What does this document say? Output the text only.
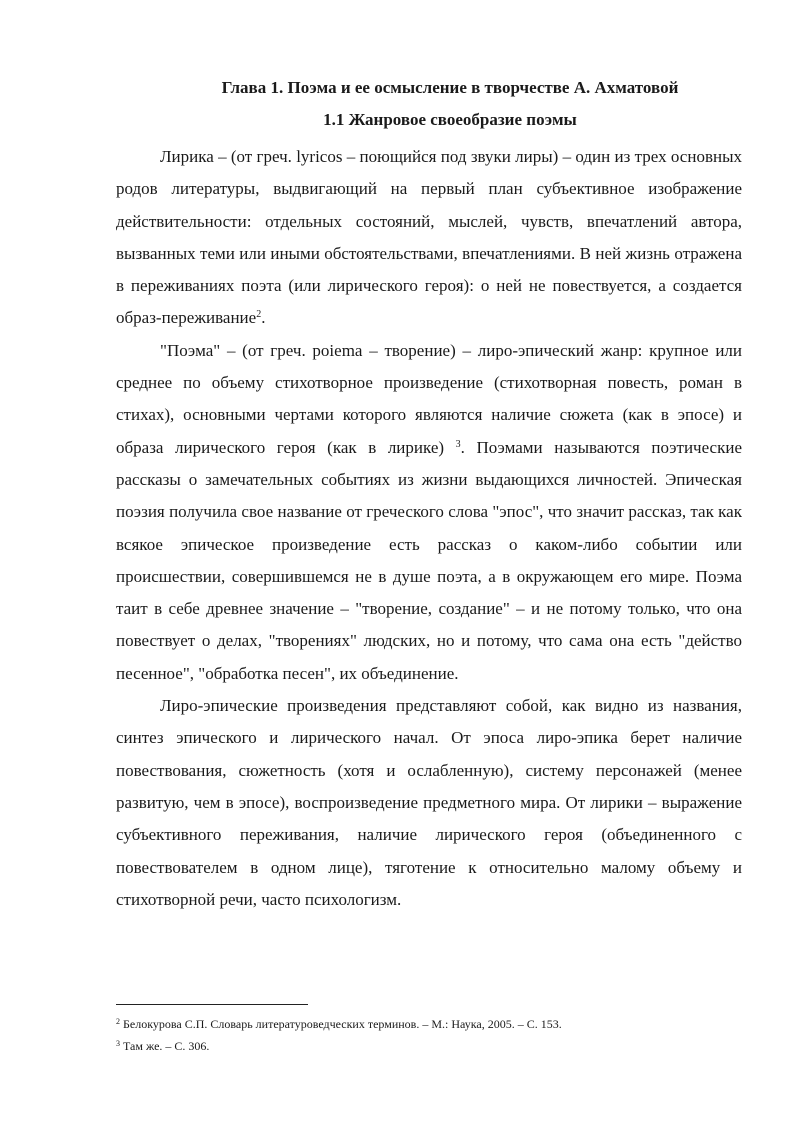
Глава 1. Поэма и ее осмысление в творчестве А. Ахматовой
1.1 Жанровое своеобразие поэмы

Лирика – (от греч. lyricos – поющийся под звуки лиры) – один из трех основных родов литературы, выдвигающий на первый план субъективное изображение действительности: отдельных состояний, мыслей, чувств, впечатлений автора, вызванных теми или иными обстоятельствами, впечатлениями. В ней жизнь отражена в переживаниях поэта (или лирического героя): о ней не повествуется, а создается образ-переживание$^2$.

"Поэма" – (от греч. poiema – творение) – лиро-эпический жанр: крупное или среднее по объему стихотворное произведение (стихотворная повесть, роман в стихах), основными чертами которого являются наличие сюжета (как в эпосе) и образа лирического героя (как в лирике) $^3$. Поэмами называются поэтические рассказы о замечательных событиях из жизни выдающихся личностей. Эпическая поэзия получила свое название от греческого слова "эпос", что значит рассказ, так как всякое эпическое произведение есть рассказ о каком-либо событии или происшествии, совершившемся не в душе поэта, а в окружающем его мире. Поэма таит в себе древнее значение – "творение, создание" – и не потому только, что она повествует о делах, "творениях" людских, но и потому, что сама она есть "действо песенное", "обработка песен", их объединение.

Лиро-эпические произведения представляют собой, как видно из названия, синтез эпического и лирического начал. От эпоса лиро-эпика берет наличие повествования, сюжетность (хотя и ослабленную), систему персонажей (менее развитую, чем в эпосе), воспроизведение предметного мира. От лирики – выражение субъективного переживания, наличие лирического героя (объединенного с повествователем в одном лице), тяготение к относительно малому объему и стихотворной речи, часто психологизм.

$^2$ Белокурова С.П. Словарь литературоведческих терминов. – М.: Наука, 2005. – С. 153.
$^3$ Там же. – С. 306.
